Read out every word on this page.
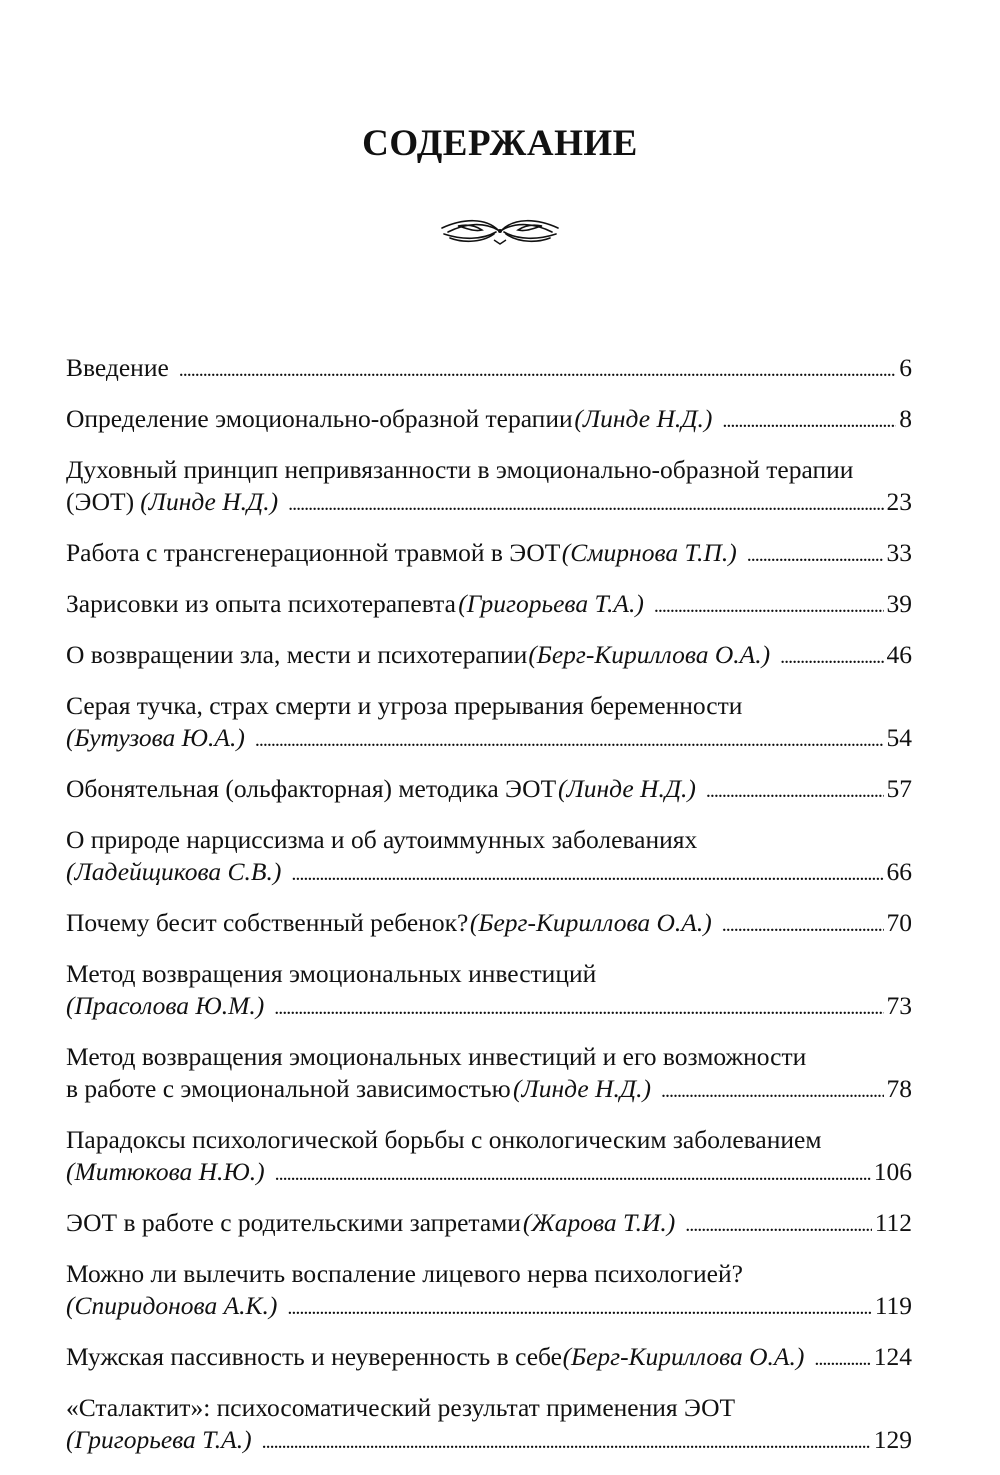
СОДЕРЖАНИЕ
Введение . . .	6
Определение эмоционально-образной терапии (Линде Н.Д.) . . .	8
Духовный принцип непривязанности в эмоционально-образной терапии
(ЭОТ) (Линде Н.Д.) . . .	23
Работа с трансгенерационной травмой в ЭОТ (Смирнова Т.П.) . . .	33
Зарисовки из опыта психотерапевта (Григорьева Т.А.) . . .	39
О возвращении зла, мести и психотерапии (Берг-Кириллова О.А.) . . .	46
Серая тучка, страх смерти и угроза прерывания беременности
(Бутузова Ю.А.) . . .	54
Обонятельная (ольфакторная) методика ЭОТ (Линде Н.Д.) . . .	57
О природе нарциссизма и об аутоиммунных заболеваниях
(Ладейщикова С.В.) . . .	66
Почему бесит собственный ребенок? (Берг-Кириллова О.А.) . . .	70
Метод возвращения эмоциональных инвестиций
(Прасолова Ю.М.) . . .	73
Метод возвращения эмоциональных инвестиций и его возможности
в работе с эмоциональной зависимостью (Линде Н.Д.) . . .	78
Парадоксы психологической борьбы с онкологическим заболеванием
(Митюкова Н.Ю.) . . .	106
ЭОТ в работе с родительскими запретами (Жарова Т.И.) . . .	112
Можно ли вылечить воспаление лицевого нерва психологией?
(Спиридонова А.К.) . . .	119
Мужская пассивность и неуверенность в себе (Берг-Кириллова О.А.) . . .	124
«Сталактит»: психосоматический результат применения ЭОТ
(Григорьева Т.А.) . . .	129
